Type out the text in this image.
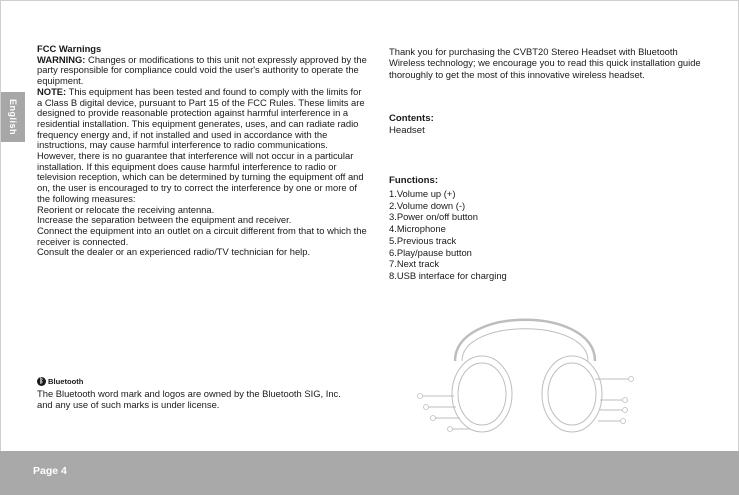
English

FCC Warnings

WARNING: Changes or modifications to this unit not expressly approved by the party responsible for compliance could void the user's authority to operate the equipment.

NOTE: This equipment has been tested and found to comply with the limits for a Class B digital device, pursuant to Part 15 of the FCC Rules. These limits are designed to provide reasonable protection against harmful interference in a residential installation. This equipment generates, uses, and can radiate radio frequency energy and, if not installed and used in accordance with the instructions, may cause harmful interference to radio communications. However, there is no guarantee that interference will not occur in a particular installation. If this equipment does cause harmful interference to radio or television reception, which can be determined by turning the equipment off and on, the user is encouraged to try to correct the interference by one or more of the following measures:

Reorient or relocate the receiving antenna.

Increase the separation between the equipment and receiver.

Connect the equipment into an outlet on a circuit different from that to which the receiver is connected.

Consult the dealer or an experienced radio/TV technician for help.

ᛒ Bluetooth

The Bluetooth word mark and logos are owned by the Bluetooth SIG, Inc. and any use of such marks is under license.

Thank you for purchasing the CVBT20 Stereo Headset with Bluetooth Wireless technology; we encourage you to read this quick installation guide thoroughly to get the most of this innovative wireless headset.

Contents:
Headset
Functions:
1.Volume up (+)
2.Volume down (-)
3.Power on/off button
4.Microphone
5.Previous track
6.Play/pause button
7.Next track
8.USB interface for charging
Page 4
